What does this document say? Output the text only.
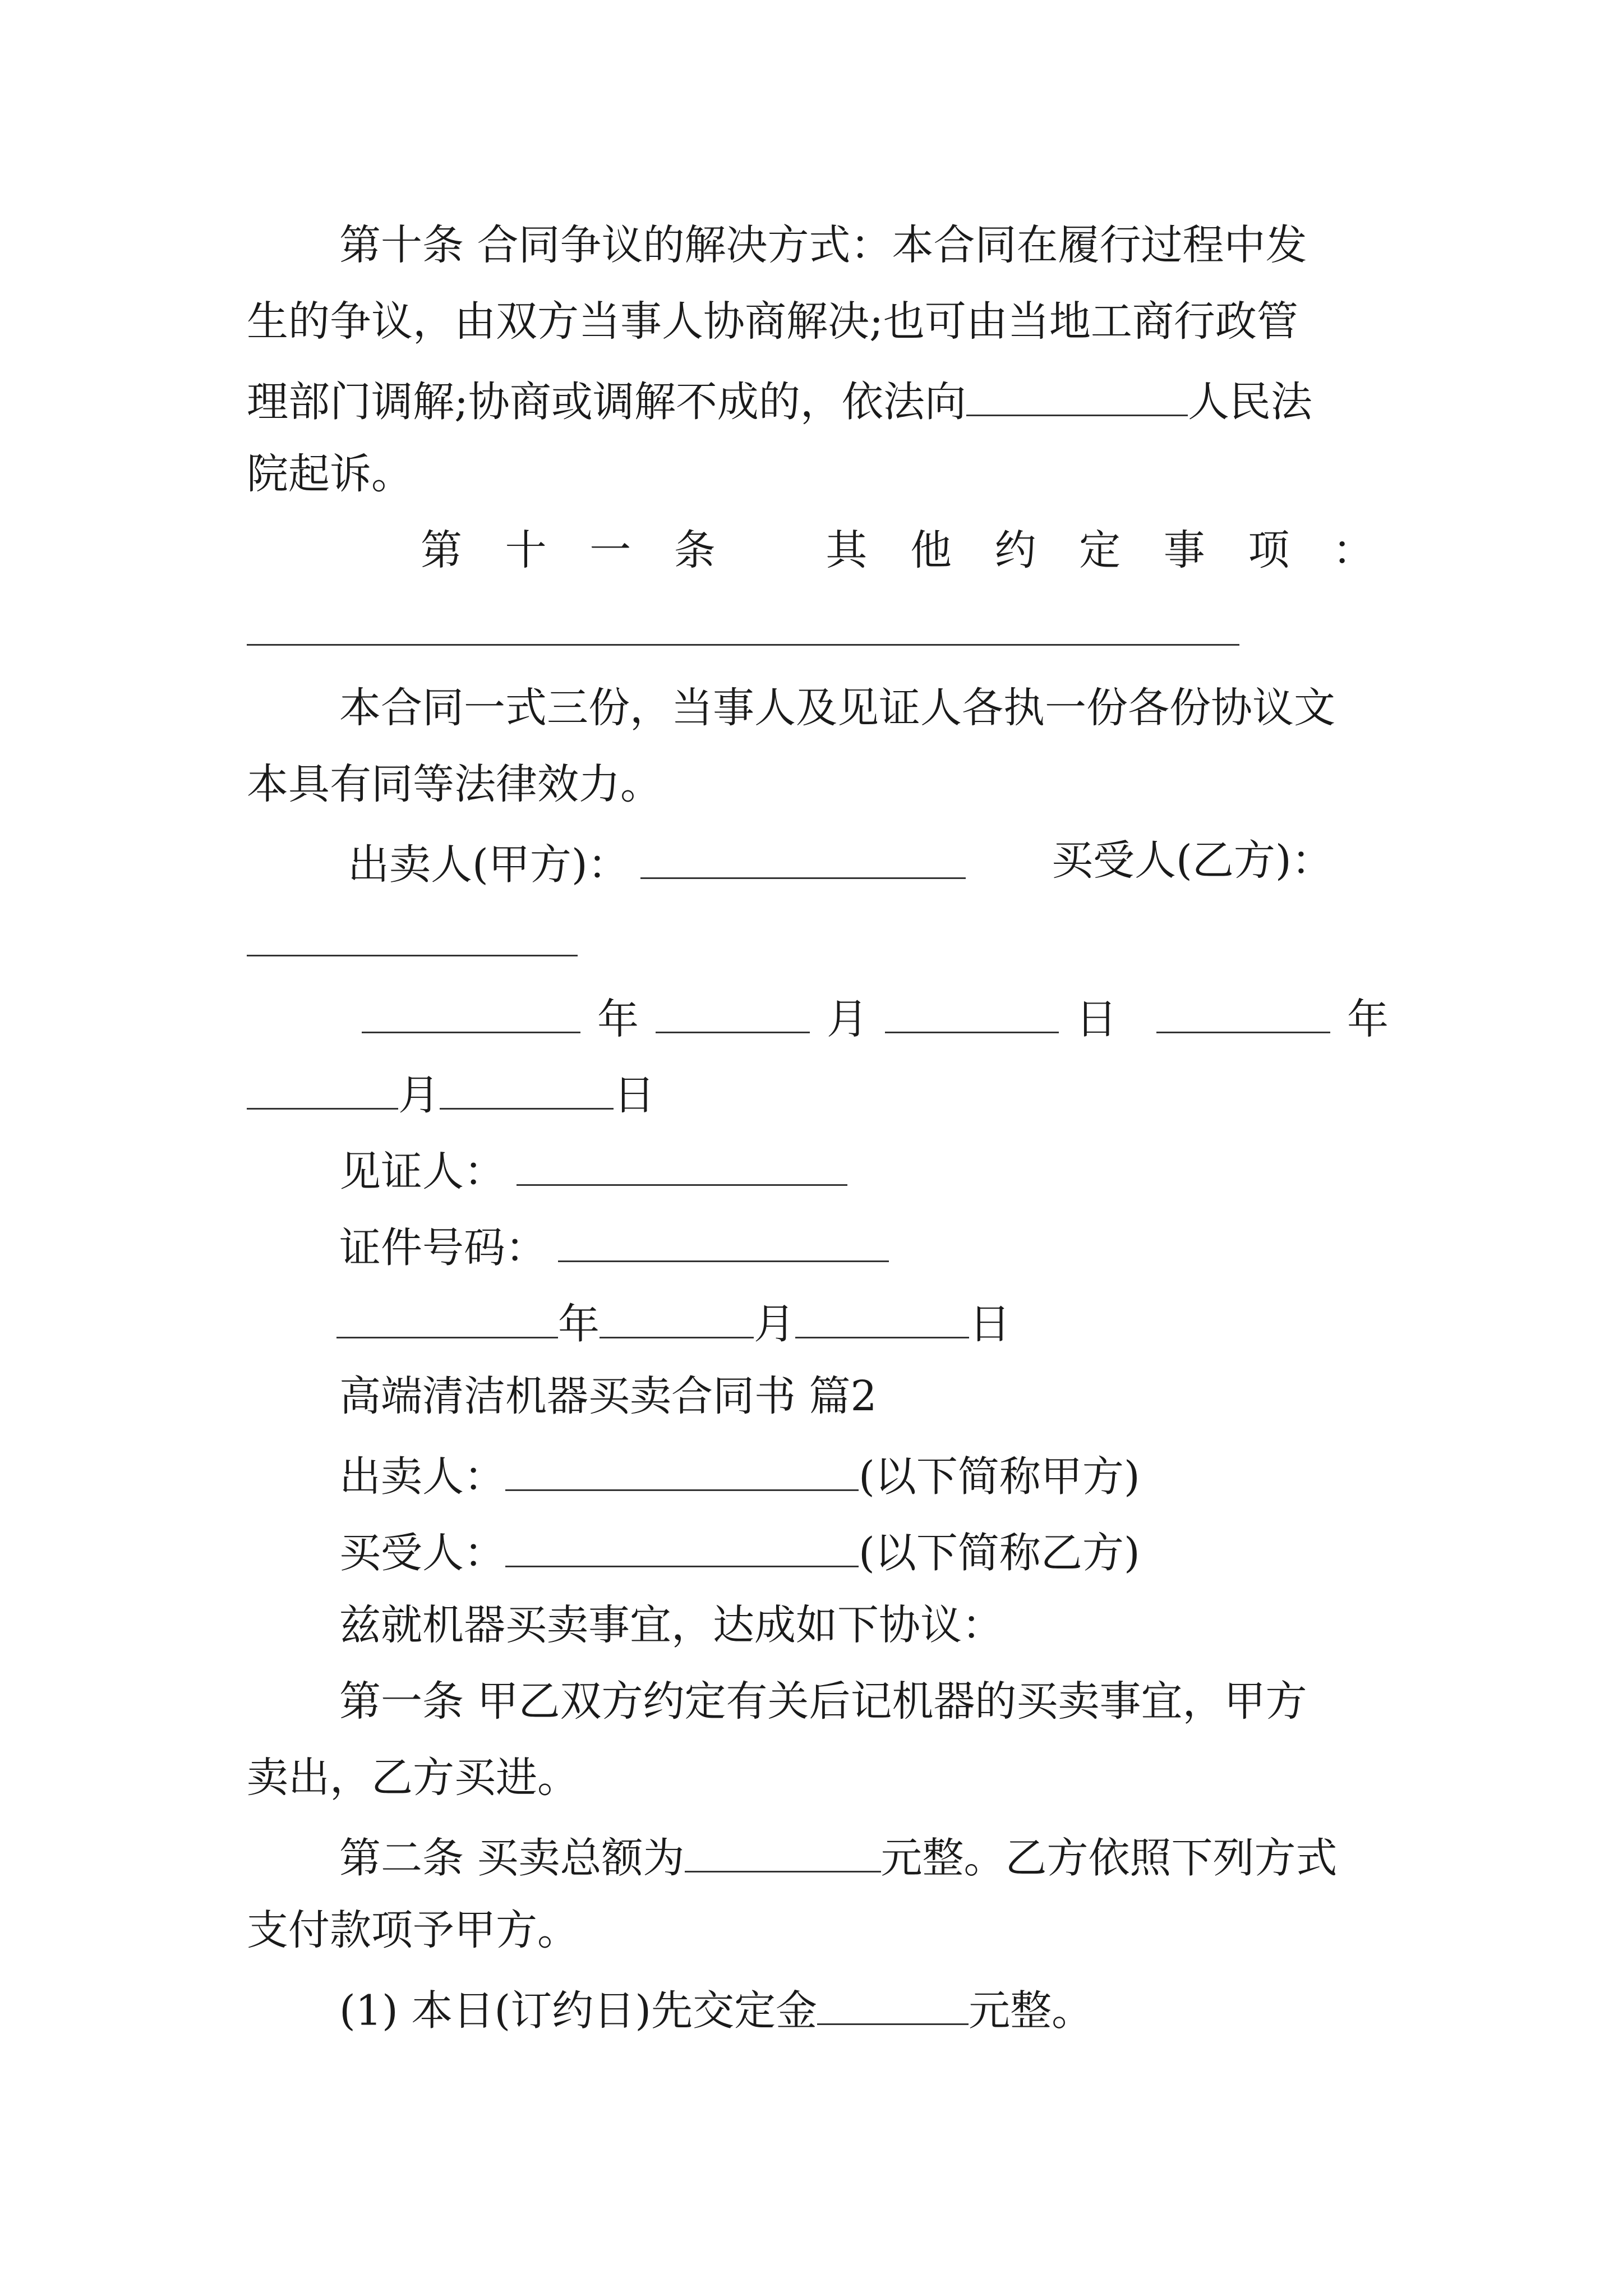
第十条 合同争议的解决方式：本合同在履行过程中发
生的争议，由双方当事人协商解决;也可由当地工商行政管
理部门调解;协商或调解不成的，依法向	人民法
院起诉。
第 十 一 条	其 他 约 定 事 项 ：
本合同一式三份，当事人及见证人各执一份各份协议文
本具有同等法律效力。
出卖人(甲方)：	买受人(乙方)：
年	月	日	年
月	日
见证人：
证件号码：
年	月	日
高端清洁机器买卖合同书 篇2
出卖人：	(以下简称甲方)
买受人：	(以下简称乙方)
兹就机器买卖事宜，达成如下协议：
第一条 甲乙双方约定有关后记机器的买卖事宜，甲方
卖出，乙方买进。
第二条 买卖总额为	元整。乙方依照下列方式
支付款项予甲方。
(1) 本日(订约日)先交定金	元整。
